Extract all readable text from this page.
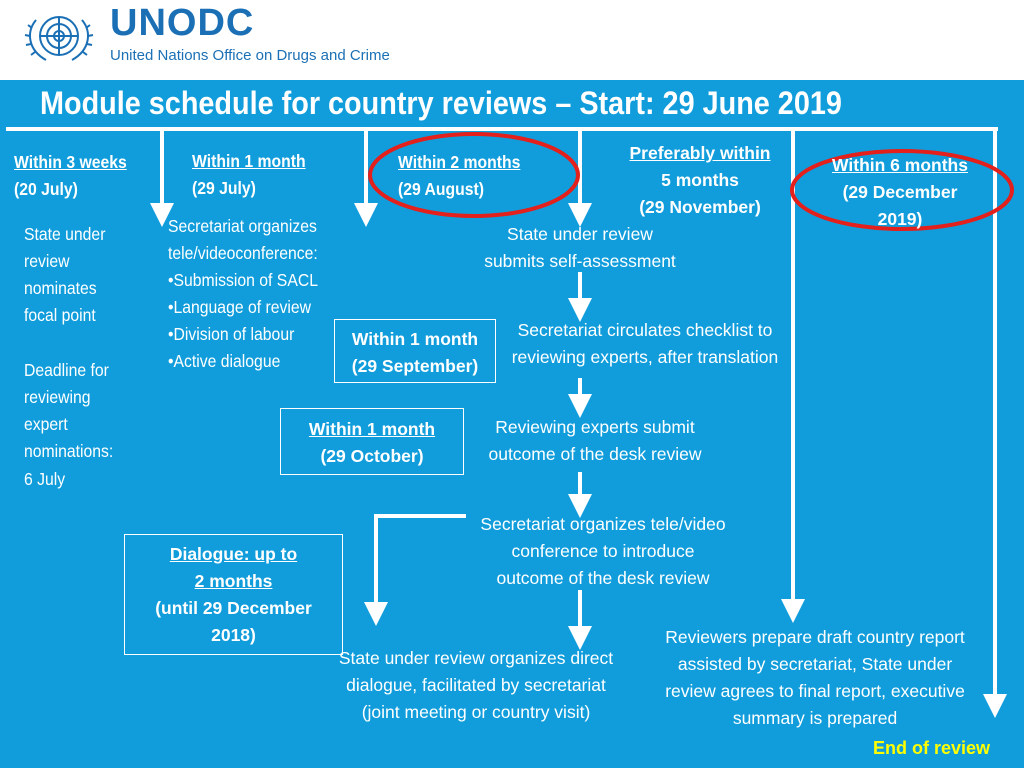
UNODC
United Nations Office on Drugs and Crime
Module schedule for country reviews – Start: 29 June 2019
Within 3 weeks
(20 July)
Within 1 month
(29 July)
Within 2 months
(29 August)
Preferably within
5 months
(29 November)
Within 6 months
(29 December
2019)
State under
review
nominates
focal point
Deadline for
reviewing
expert
nominations:
6 July
Secretariat organizes
tele/videoconference:
•Submission of SACL
•Language of review
•Division of labour
•Active dialogue
State under review
submits self-assessment
Secretariat circulates checklist to
reviewing experts, after translation
Within 1 month
(29 September)
Within 1 month
(29 October)
Reviewing experts submit
outcome of the desk review
Secretariat organizes tele/video
conference to introduce
outcome of the desk review
Dialogue: up to
2 months
(until 29 December
2018)
State under review organizes direct
dialogue, facilitated by secretariat
(joint meeting or country visit)
Reviewers prepare draft country report
assisted by secretariat, State under
review agrees to final report, executive
summary is prepared
End of review
